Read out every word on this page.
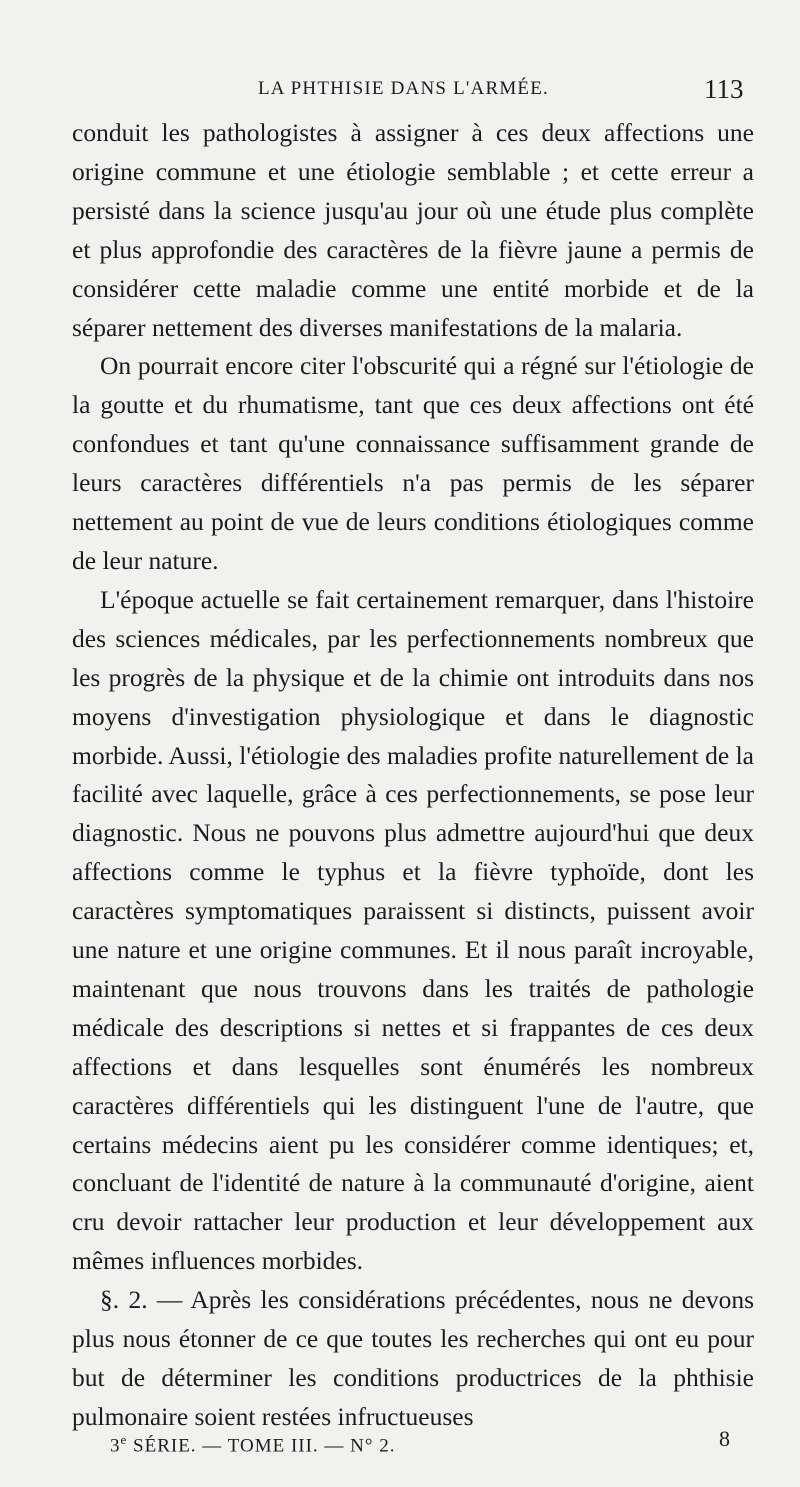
LA PHTHISIE DANS L'ARMÉE.	113

conduit les pathologistes à assigner à ces deux affections une origine commune et une étiologie semblable ; et cette erreur a persisté dans la science jusqu'au jour où une étude plus complète et plus approfondie des caractères de la fièvre jaune a permis de considérer cette maladie comme une entité morbide et de la séparer nettement des diverses manifestations de la malaria.

On pourrait encore citer l'obscurité qui a régné sur l'étiologie de la goutte et du rhumatisme, tant que ces deux affections ont été confondues et tant qu'une connaissance suffisamment grande de leurs caractères différentiels n'a pas permis de les séparer nettement au point de vue de leurs conditions étiologiques comme de leur nature.

L'époque actuelle se fait certainement remarquer, dans l'histoire des sciences médicales, par les perfectionnements nombreux que les progrès de la physique et de la chimie ont introduits dans nos moyens d'investigation physiologique et dans le diagnostic morbide. Aussi, l'étiologie des maladies profite naturellement de la facilité avec laquelle, grâce à ces perfectionnements, se pose leur diagnostic. Nous ne pouvons plus admettre aujourd'hui que deux affections comme le typhus et la fièvre typhoïde, dont les caractères symptomatiques paraissent si distincts, puissent avoir une nature et une origine communes. Et il nous paraît incroyable, maintenant que nous trouvons dans les traités de pathologie médicale des descriptions si nettes et si frappantes de ces deux affections et dans lesquelles sont énumérés les nombreux caractères différentiels qui les distinguent l'une de l'autre, que certains médecins aient pu les considérer comme identiques; et, concluant de l'identité de nature à la communauté d'origine, aient cru devoir rattacher leur production et leur développement aux mêmes influences morbides.

§. 2. — Après les considérations précédentes, nous ne devons plus nous étonner de ce que toutes les recherches qui ont eu pour but de déterminer les conditions productrices de la phthisie pulmonaire soient restées infructueuses

3e SÉRIE. — TOME III. — N° 2.	8
